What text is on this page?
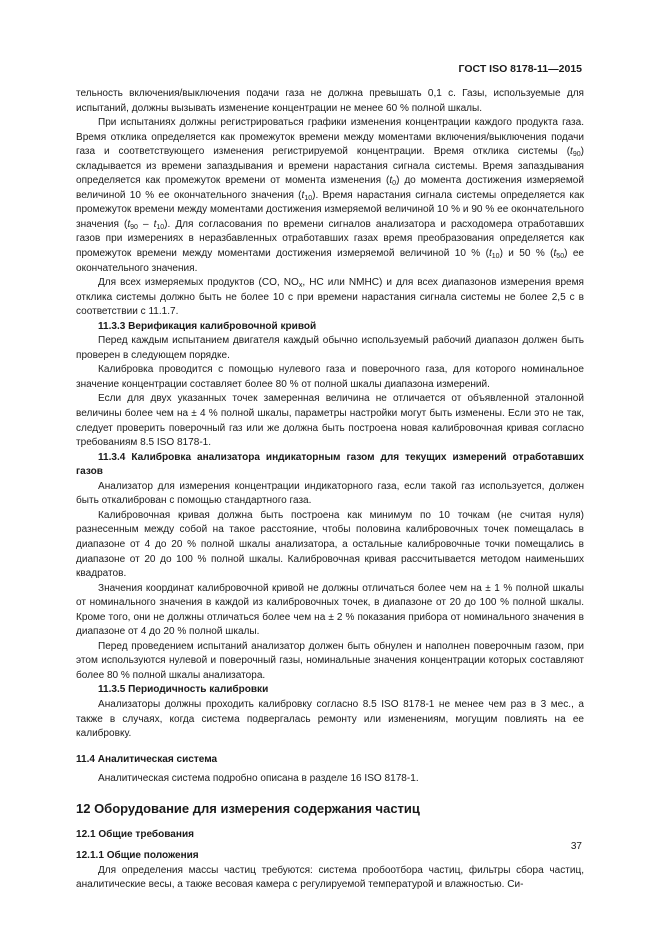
ГОСТ ISO 8178-11—2015

тельность включения/выключения подачи газа не должна превышать 0,1 с. Газы, используемые для испытаний, должны вызывать изменение концентрации не менее 60 % полной шкалы.

При испытаниях должны регистрироваться графики изменения концентрации каждого продукта газа. Время отклика определяется как промежуток времени между моментами включения/выключения подачи газа и соответствующего изменения регистрируемой концентрации. Время отклика системы $(t_{90})$ складывается из времени запаздывания и времени нарастания сигнала системы. Время запаздывания определяется как промежуток времени от момента изменения $(t_0)$ до момента достижения измеряемой величиной 10 % ее окончательного значения $(t_{10})$. Время нарастания сигнала системы определяется как промежуток времени между моментами достижения измеряемой величиной 10 % и 90 % ее окончательного значения $(t_{90} - t_{10})$. Для согласования по времени сигналов анализатора и расходомера отработавших газов при измерениях в неразбавленных отработавших газах время преобразования определяется как промежуток времени между моментами достижения измеряемой величиной 10 % $(t_{10})$ и 50 % $(t_{50})$ ее окончательного значения.

Для всех измеряемых продуктов (CO, $NO_x$, HC или NMHC) и для всех диапазонов измерения время отклика системы должно быть не более 10 с при времени нарастания сигнала системы не более 2,5 с в соответствии с 11.1.7.

11.3.3 Верификация калибровочной кривой

Перед каждым испытанием двигателя каждый обычно используемый рабочий диапазон должен быть проверен в следующем порядке.

Калибровка проводится с помощью нулевого газа и поверочного газа, для которого номинальное значение концентрации составляет более 80 % от полной шкалы диапазона измерений.

Если для двух указанных точек замеренная величина не отличается от объявленной эталонной величины более чем на ± 4 % полной шкалы, параметры настройки могут быть изменены. Если это не так, следует проверить поверочный газ или же должна быть построена новая калибровочная кривая согласно требованиям 8.5 ISO 8178-1.

11.3.4 Калибровка анализатора индикаторным газом для текущих измерений отработавших газов

Анализатор для измерения концентрации индикаторного газа, если такой газ используется, должен быть откалиброван с помощью стандартного газа.

Калибровочная кривая должна быть построена как минимум по 10 точкам (не считая нуля) разнесенным между собой на такое расстояние, чтобы половина калибровочных точек помещалась в диапазоне от 4 до 20 % полной шкалы анализатора, а остальные калибровочные точки помещались в диапазоне от 20 до 100 % полной шкалы. Калибровочная кривая рассчитывается методом наименьших квадратов.

Значения координат калибровочной кривой не должны отличаться более чем на ± 1 % полной шкалы от номинального значения в каждой из калибровочных точек, в диапазоне от 20 до 100 % полной шкалы. Кроме того, они не должны отличаться более чем на ± 2 % показания прибора от номинального значения в диапазоне от 4 до 20 % полной шкалы.

Перед проведением испытаний анализатор должен быть обнулен и наполнен поверочным газом, при этом используются нулевой и поверочный газы, номинальные значения концентрации которых составляют более 80 % полной шкалы анализатора.

11.3.5 Периодичность калибровки

Анализаторы должны проходить калибровку согласно 8.5 ISO 8178-1 не менее чем раз в 3 мес., а также в случаях, когда система подвергалась ремонту или изменениям, могущим повлиять на ее калибровку.

11.4 Аналитическая система

Аналитическая система подробно описана в разделе 16 ISO 8178-1.

12 Оборудование для измерения содержания частиц

12.1 Общие требования

12.1.1 Общие положения

Для определения массы частиц требуются: система пробоотбора частиц, фильтры сбора частиц, аналитические весы, а также весовая камера с регулируемой температурой и влажностью. Си-

37
